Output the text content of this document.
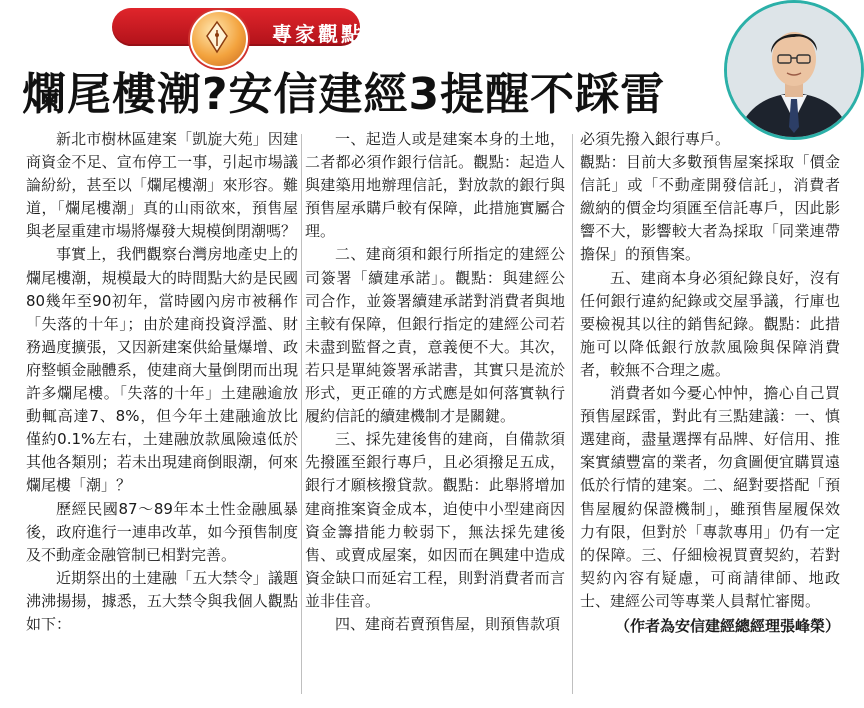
專家觀點
爛尾樓潮?安信建經3提醒不踩雷

新北市樹林區建案「凱旋大苑」因建商資金不足、宣布停工一事，引起市場議論紛紛，甚至以「爛尾樓潮」來形容。難道，「爛尾樓潮」真的山雨欲來，預售屋與老屋重建市場將爆發大規模倒閉潮嗎？

事實上，我們觀察台灣房地產史上的爛尾樓潮，規模最大的時間點大約是民國80幾年至90初年，當時國內房市被稱作「失落的十年」；由於建商投資浮濫、財務過度擴張，又因新建案供給量爆增、政府整頓金融體系，使建商大量倒閉而出現許多爛尾樓。「失落的十年」土建融逾放動輒高達7、8%，但今年土建融逾放比僅約0.1%左右，土建融放款風險遠低於其他各類別；若未出現建商倒眼潮，何來爛尾樓「潮」？

歷經民國87～89年本土性金融風暴後，政府進行一連串改革，如今預售制度及不動產金融管制已相對完善。

近期祭出的土建融「五大禁令」議題沸沸揚揚，據悉，五大禁令與我個人觀點如下：

一、起造人或是建案本身的土地，二者都必須作銀行信託。觀點：起造人與建築用地辦理信託，對放款的銀行與預售屋承購戶較有保障，此措施實屬合理。

二、建商須和銀行所指定的建經公司簽署「續建承諾」。觀點：與建經公司合作，並簽署續建承諾對消費者與地主較有保障，但銀行指定的建經公司若未盡到監督之責，意義便不大。其次，若只是單純簽署承諾書，其實只是流於形式，更正確的方式應是如何落實執行履約信託的續建機制才是關鍵。

三、採先建後售的建商，自備款須先撥匯至銀行專戶，且必須撥足五成，銀行才願核撥貸款。觀點：此舉將增加建商推案資金成本，迫使中小型建商因資金籌措能力較弱下，無法採先建後售、或賣成屋案，如因而在興建中造成資金缺口而延宕工程，則對消費者而言並非佳音。

四、建商若賣預售屋，則預售款項

必須先撥入銀行專戶。

觀點：目前大多數預售屋案採取「價金信託」或「不動產開發信託」，消費者繳納的價金均須匯至信託專戶，因此影響不大，影響較大者為採取「同業連帶擔保」的預售案。

五、建商本身必須紀錄良好，沒有任何銀行違約紀錄或交屋爭議，行庫也要檢視其以往的銷售紀錄。觀點：此措施可以降低銀行放款風險與保障消費者，較無不合理之處。

消費者如今憂心忡忡，擔心自己買預售屋踩雷，對此有三點建議：一、慎選建商，盡量選擇有品牌、好信用、推案實績豐富的業者，勿貪圖便宜購買遠低於行情的建案。二、絕對要搭配「預售屋履約保證機制」，雖預售屋履保效力有限，但對於「專款專用」仍有一定的保障。三、仔細檢視買賣契約，若對契約內容有疑慮，可商請律師、地政士、建經公司等專業人員幫忙審閱。

（作者為安信建經總經理張峰榮）
